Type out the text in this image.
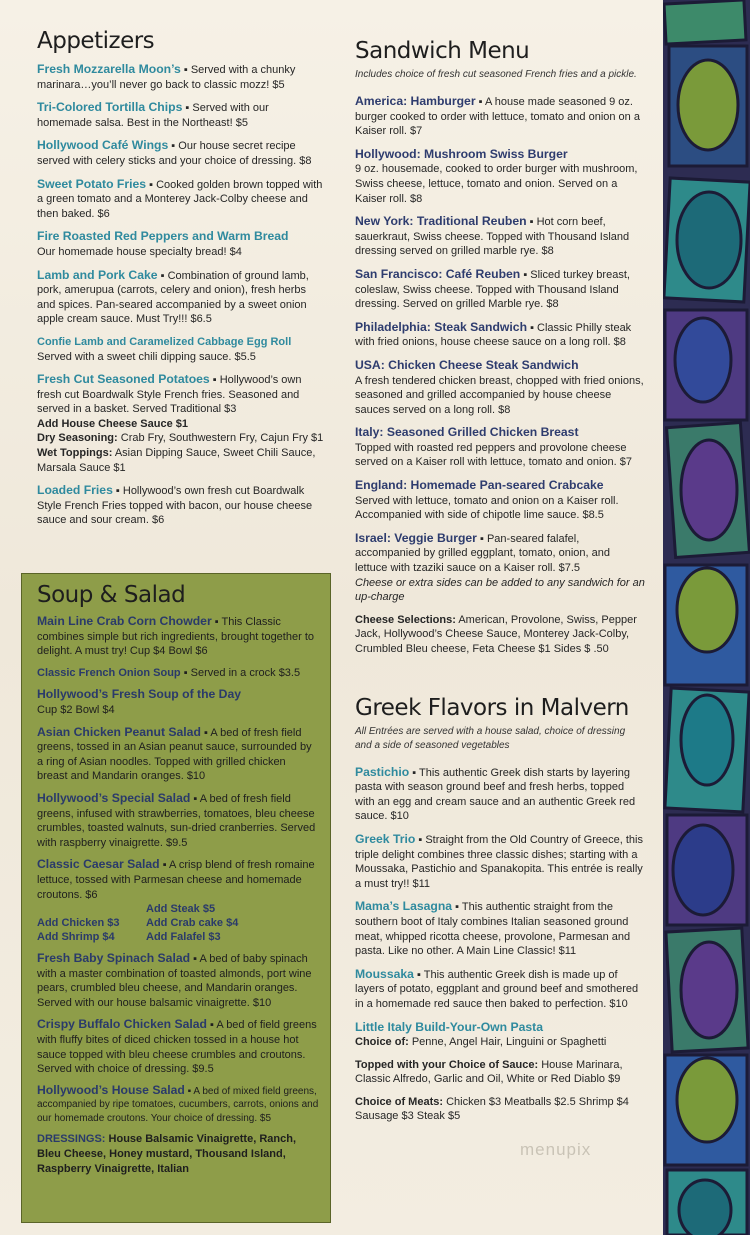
Appetizers
Fresh Mozzarella Moon’s ▪ Served with a chunky marinara…you’ll never go back to classic mozz! $5
Tri-Colored Tortilla Chips ▪ Served with our homemade salsa. Best in the Northeast! $5
Hollywood Café Wings ▪ Our house secret recipe served with celery sticks and your choice of dressing. $8
Sweet Potato Fries ▪ Cooked golden brown topped with a green tomato and a Monterey Jack-Colby cheese and then baked. $6
Fire Roasted Red Peppers and Warm Bread
Our homemade house specialty bread! $4
Lamb and Pork Cake ▪ Combination of ground lamb, pork, amerupua (carrots, celery and onion), fresh herbs and spices. Pan-seared accompanied by a sweet onion apple cream sauce. Must Try!!! $6.5
Confie Lamb and Caramelized Cabbage Egg Roll
Served with a sweet chili dipping sauce. $5.5
Fresh Cut Seasoned Potatoes ▪ Hollywood’s own fresh cut Boardwalk Style French fries. Seasoned and served in a basket. Served Traditional $3
Add House Cheese Sauce $1
Dry Seasoning: Crab Fry, Southwestern Fry, Cajun Fry $1
Wet Toppings: Asian Dipping Sauce, Sweet Chili Sauce, Marsala Sauce $1
Loaded Fries ▪ Hollywood’s own fresh cut Boardwalk Style French Fries topped with bacon, our house cheese sauce and sour cream. $6
Soup & Salad
Main Line Crab Corn Chowder ▪ This Classic combines simple but rich ingredients, brought together to delight. A must try! Cup $4 Bowl $6
Classic French Onion Soup ▪ Served in a crock $3.5
Hollywood’s Fresh Soup of the Day
Cup $2 Bowl $4
Asian Chicken Peanut Salad ▪ A bed of fresh field greens, tossed in an Asian peanut sauce, surrounded by a ring of Asian noodles. Topped with grilled chicken breast and Mandarin oranges. $10
Hollywood’s Special Salad ▪ A bed of fresh field greens, infused with strawberries, tomatoes, bleu cheese crumbles, toasted walnuts, sun-dried cranberries. Served with raspberry vinaigrette. $9.5
Classic Caesar Salad ▪ A crisp blend of fresh romaine lettuce, tossed with Parmesan cheese and homemade croutons. $6
Add Steak $5
Add Chicken $3	Add Crab cake $4
Add Shrimp $4	Add Falafel $3
Fresh Baby Spinach Salad ▪ A bed of baby spinach with a master combination of toasted almonds, port wine pears, crumbled bleu cheese, and Mandarin oranges. Served with our house balsamic vinaigrette. $10
Crispy Buffalo Chicken Salad ▪ A bed of field greens with fluffy bites of diced chicken tossed in a house hot sauce topped with bleu cheese crumbles and croutons. Served with choice of dressing. $9.5
Hollywood’s House Salad ▪ A bed of mixed field greens, accompanied by ripe tomatoes, cucumbers, carrots, onions and our homemade croutons. Your choice of dressing. $5
DRESSINGS: House Balsamic Vinaigrette, Ranch, Bleu Cheese, Honey mustard, Thousand Island, Raspberry Vinaigrette, Italian
Sandwich Menu
Includes choice of fresh cut seasoned French fries and a pickle.
America: Hamburger ▪ A house made seasoned 9 oz. burger cooked to order with lettuce, tomato and onion on a Kaiser roll. $7
Hollywood: Mushroom Swiss Burger
9 oz. housemade, cooked to order burger with mushroom, Swiss cheese, lettuce, tomato and onion. Served on a Kaiser roll. $8
New York: Traditional Reuben ▪ Hot corn beef, sauerkraut, Swiss cheese. Topped with Thousand Island dressing served on grilled marble rye. $8
San Francisco: Café Reuben ▪ Sliced turkey breast, coleslaw, Swiss cheese. Topped with Thousand Island dressing. Served on grilled Marble rye. $8
Philadelphia: Steak Sandwich ▪ Classic Philly steak with fried onions, house cheese sauce on a long roll. $8
USA: Chicken Cheese Steak Sandwich
A fresh tendered chicken breast, chopped with fried onions, seasoned and grilled accompanied by house cheese sauces served on a long roll. $8
Italy: Seasoned Grilled Chicken Breast
Topped with roasted red peppers and provolone cheese served on a Kaiser roll with lettuce, tomato and onion. $7
England: Homemade Pan-seared Crabcake
Served with lettuce, tomato and onion on a Kaiser roll. Accompanied with side of chipotle lime sauce. $8.5
Israel: Veggie Burger ▪ Pan-seared falafel, accompanied by grilled eggplant, tomato, onion, and lettuce with tzaziki sauce on a Kaiser roll. $7.5
Cheese or extra sides can be added to any sandwich for an up-charge
Cheese Selections: American, Provolone, Swiss, Pepper Jack, Hollywood’s Cheese Sauce, Monterey Jack-Colby, Crumbled Bleu cheese, Feta Cheese $1 Sides $ .50
Greek Flavors in Malvern
All Entrées are served with a house salad, choice of dressing
and a side of seasoned vegetables
Pastichio ▪ This authentic Greek dish starts by layering pasta with season ground beef and fresh herbs, topped with an egg and cream sauce and an authentic Greek red sauce. $10
Greek Trio ▪ Straight from the Old Country of Greece, this triple delight combines three classic dishes; starting with a Moussaka, Pastichio and Spanakopita. This entrée is really a must try!! $11
Mama’s Lasagna ▪ This authentic straight from the southern boot of Italy combines Italian seasoned ground meat, whipped ricotta cheese, provolone, Parmesan and pasta. Like no other. A Main Line Classic! $11
Moussaka ▪ This authentic Greek dish is made up of layers of potato, eggplant and ground beef and smothered in a homemade red sauce then baked to perfection. $10
Little Italy Build-Your-Own Pasta
Choice of: Penne, Angel Hair, Linguini or Spaghetti
Topped with your Choice of Sauce: House Marinara, Classic Alfredo, Garlic and Oil, White or Red Diablo $9
Choice of Meats: Chicken $3 Meatballs $2.5 Shrimp $4 Sausage $3 Steak $5
menupix
